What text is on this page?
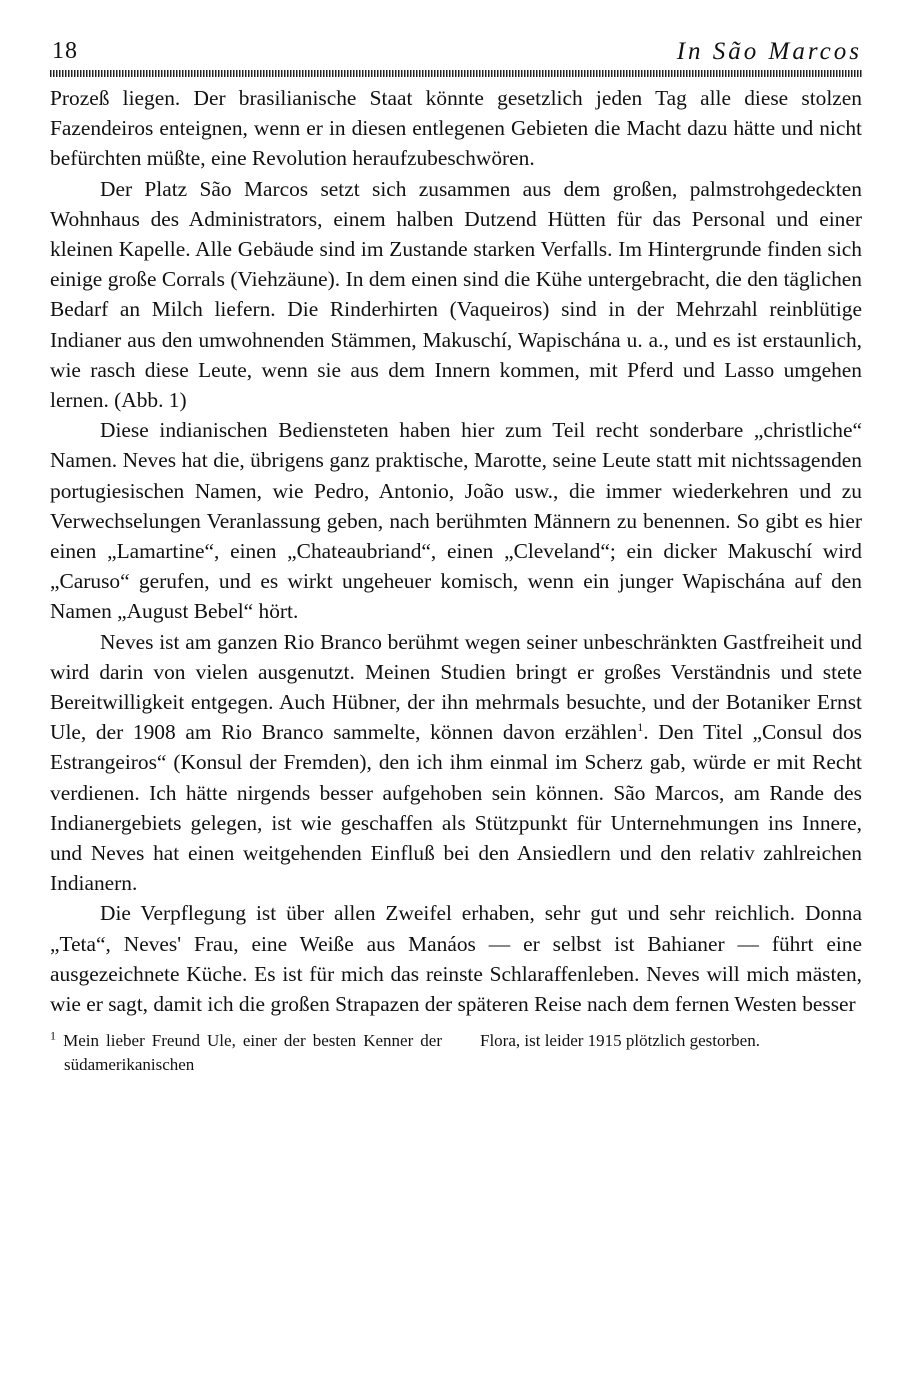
18	In São Marcos

Prozeß liegen. Der brasilianische Staat könnte gesetzlich jeden Tag alle diese stolzen Fazendeiros enteignen, wenn er in diesen entlegenen Gebieten die Macht dazu hätte und nicht befürchten müßte, eine Revolution heraufzubeschwören.

Der Platz São Marcos setzt sich zusammen aus dem großen, palmstrohgedeckten Wohnhaus des Administrators, einem halben Dutzend Hütten für das Personal und einer kleinen Kapelle. Alle Gebäude sind im Zustande starken Verfalls. Im Hintergrunde finden sich einige große Corrals (Viehzäune). In dem einen sind die Kühe untergebracht, die den täglichen Bedarf an Milch liefern. Die Rinderhirten (Vaqueiros) sind in der Mehrzahl reinblütige Indianer aus den umwohnenden Stämmen, Makuschí, Wapischána u. a., und es ist erstaunlich, wie rasch diese Leute, wenn sie aus dem Innern kommen, mit Pferd und Lasso umgehen lernen. (Abb. 1)

Diese indianischen Bediensteten haben hier zum Teil recht sonderbare „christliche“ Namen. Neves hat die, übrigens ganz praktische, Marotte, seine Leute statt mit nichtssagenden portugiesischen Namen, wie Pedro, Antonio, João usw., die immer wiederkehren und zu Verwechselungen Veranlassung geben, nach berühmten Männern zu benennen. So gibt es hier einen „Lamartine“, einen „Chateaubriand“, einen „Cleveland“; ein dicker Makuschí wird „Caruso“ gerufen, und es wirkt ungeheuer komisch, wenn ein junger Wapischána auf den Namen „August Bebel“ hört.

Neves ist am ganzen Rio Branco berühmt wegen seiner unbeschränkten Gastfreiheit und wird darin von vielen ausgenutzt. Meinen Studien bringt er großes Verständnis und stete Bereitwilligkeit entgegen. Auch Hübner, der ihn mehrmals besuchte, und der Botaniker Ernst Ule, der 1908 am Rio Branco sammelte, können davon erzählen$^1$. Den Titel „Consul dos Estrangeiros“ (Konsul der Fremden), den ich ihm einmal im Scherz gab, würde er mit Recht verdienen. Ich hätte nirgends besser aufgehoben sein können. São Marcos, am Rande des Indianergebiets gelegen, ist wie geschaffen als Stützpunkt für Unternehmungen ins Innere, und Neves hat einen weitgehenden Einfluß bei den Ansiedlern und den relativ zahlreichen Indianern.

Die Verpflegung ist über allen Zweifel erhaben, sehr gut und sehr reichlich. Donna „Teta“, Neves' Frau, eine Weiße aus Manáos — er selbst ist Bahianer — führt eine ausgezeichnete Küche. Es ist für mich das reinste Schlaraffenleben. Neves will mich mästen, wie er sagt, damit ich die großen Strapazen der späteren Reise nach dem fernen Westen besser

$^1$ Mein lieber Freund Ule, einer der besten Kenner der südamerikanischen
Flora, ist leider 1915 plötzlich gestorben.
